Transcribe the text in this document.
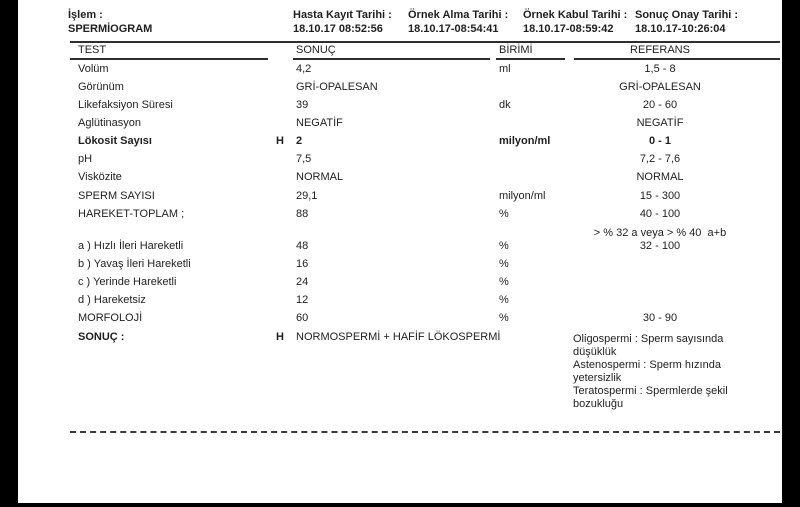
İşlem :
SPERMİOGRAM
Hasta Kayıt Tarihi :
18.10.17 08:52:56
Örnek Alma Tarihi :
18.10.17-08:54:41
Örnek Kabul Tarihi :
18.10.17-08:59:42
Sonuç Onay Tarihi :
18.10.17-10:26:04
TEST	SONUÇ	BİRİMİ	REFERANS
Volüm	4,2	ml	1,5 - 8
Görünüm	GRİ-OPALESAN	GRİ-OPALESAN
Likefaksiyon Süresi	39	dk	20 - 60
Aglütinasyon	NEGATİF	NEGATİF
Lökosit Sayısı	H 2	milyon/ml	0 - 1
pH	7,5	7,2 - 7,6
Visközite	NORMAL	NORMAL
SPERM SAYISI	29,1	milyon/ml	15 - 300
HAREKET-TOPLAM ;	88	%	40 - 100
> % 32 a veya > % 40  a+b
a ) Hızlı İleri Hareketli	48	%	32 - 100
b ) Yavaş İleri Hareketli	16	%
c ) Yerinde Hareketli	24	%
d ) Hareketsiz	12	%
MORFOLOJİ	60	%	30 - 90
SONUÇ :	H NORMOSPERMİ + HAFİF LÖKOSPERMİ	Oligospermi : Sperm sayısında
düşüklük
Astenospermi : Sperm hızında
yetersizlik
Teratospermi : Spermlerde şekil
bozukluğu
